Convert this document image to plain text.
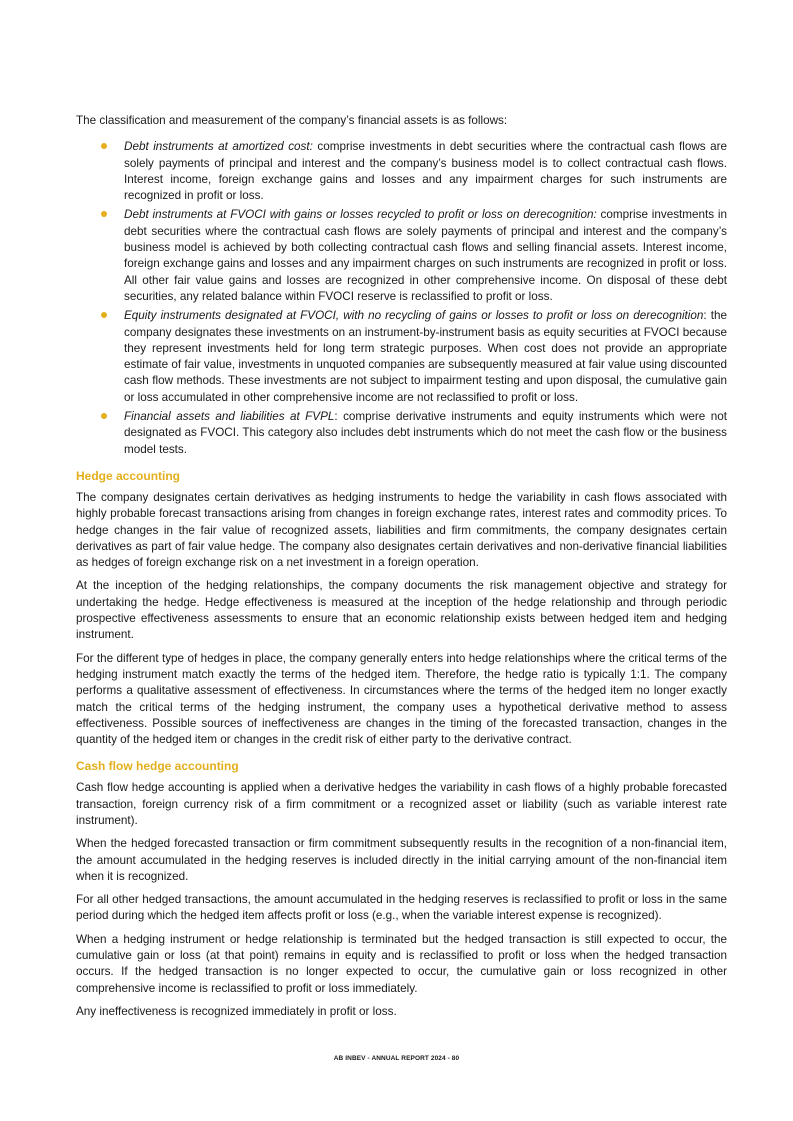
The classification and measurement of the company’s financial assets is as follows:

Debt instruments at amortized cost: comprise investments in debt securities where the contractual cash flows are solely payments of principal and interest and the company’s business model is to collect contractual cash flows. Interest income, foreign exchange gains and losses and any impairment charges for such instruments are recognized in profit or loss.
Debt instruments at FVOCI with gains or losses recycled to profit or loss on derecognition: comprise investments in debt securities where the contractual cash flows are solely payments of principal and interest and the company’s business model is achieved by both collecting contractual cash flows and selling financial assets. Interest income, foreign exchange gains and losses and any impairment charges on such instruments are recognized in profit or loss. All other fair value gains and losses are recognized in other comprehensive income. On disposal of these debt securities, any related balance within FVOCI reserve is reclassified to profit or loss.
Equity instruments designated at FVOCI, with no recycling of gains or losses to profit or loss on derecognition: the company designates these investments on an instrument-by-instrument basis as equity securities at FVOCI because they represent investments held for long term strategic purposes. When cost does not provide an appropriate estimate of fair value, investments in unquoted companies are subsequently measured at fair value using discounted cash flow methods. These investments are not subject to impairment testing and upon disposal, the cumulative gain or loss accumulated in other comprehensive income are not reclassified to profit or loss.
Financial assets and liabilities at FVPL: comprise derivative instruments and equity instruments which were not designated as FVOCI. This category also includes debt instruments which do not meet the cash flow or the business model tests.
Hedge accounting

The company designates certain derivatives as hedging instruments to hedge the variability in cash flows associated with highly probable forecast transactions arising from changes in foreign exchange rates, interest rates and commodity prices. To hedge changes in the fair value of recognized assets, liabilities and firm commitments, the company designates certain derivatives as part of fair value hedge. The company also designates certain derivatives and non-derivative financial liabilities as hedges of foreign exchange risk on a net investment in a foreign operation.

At the inception of the hedging relationships, the company documents the risk management objective and strategy for undertaking the hedge. Hedge effectiveness is measured at the inception of the hedge relationship and through periodic prospective effectiveness assessments to ensure that an economic relationship exists between hedged item and hedging instrument.

For the different type of hedges in place, the company generally enters into hedge relationships where the critical terms of the hedging instrument match exactly the terms of the hedged item. Therefore, the hedge ratio is typically 1:1. The company performs a qualitative assessment of effectiveness. In circumstances where the terms of the hedged item no longer exactly match the critical terms of the hedging instrument, the company uses a hypothetical derivative method to assess effectiveness. Possible sources of ineffectiveness are changes in the timing of the forecasted transaction, changes in the quantity of the hedged item or changes in the credit risk of either party to the derivative contract.

Cash flow hedge accounting

Cash flow hedge accounting is applied when a derivative hedges the variability in cash flows of a highly probable forecasted transaction, foreign currency risk of a firm commitment or a recognized asset or liability (such as variable interest rate instrument).

When the hedged forecasted transaction or firm commitment subsequently results in the recognition of a non-financial item, the amount accumulated in the hedging reserves is included directly in the initial carrying amount of the non-financial item when it is recognized.

For all other hedged transactions, the amount accumulated in the hedging reserves is reclassified to profit or loss in the same period during which the hedged item affects profit or loss (e.g., when the variable interest expense is recognized).

When a hedging instrument or hedge relationship is terminated but the hedged transaction is still expected to occur, the cumulative gain or loss (at that point) remains in equity and is reclassified to profit or loss when the hedged transaction occurs. If the hedged transaction is no longer expected to occur, the cumulative gain or loss recognized in other comprehensive income is reclassified to profit or loss immediately.

Any ineffectiveness is recognized immediately in profit or loss.

AB INBEV - ANNUAL REPORT 2024 - 80
